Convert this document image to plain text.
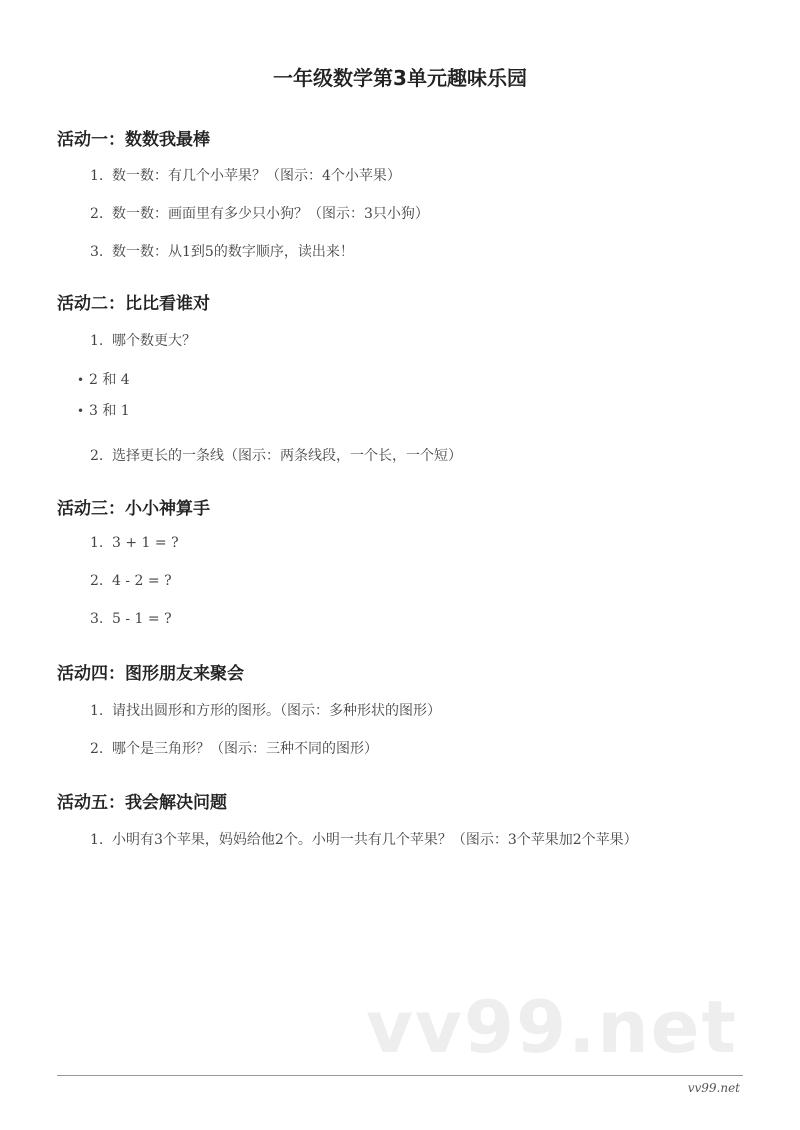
一年级数学第3单元趣味乐园
活动一：数数我最棒
1. 数一数：有几个小苹果？（图示：4个小苹果）
2. 数一数：画面里有多少只小狗？（图示：3只小狗）
3. 数一数：从1到5的数字顺序，读出来！
活动二：比比看谁对
1. 哪个数更大？
• 2 和 4
• 3 和 1
2. 选择更长的一条线（图示：两条线段，一个长，一个短）
活动三：小小神算手
1. 3 + 1 = ?
2. 4 - 2 = ?
3. 5 - 1 = ?
活动四：图形朋友来聚会
1. 请找出圆形和方形的图形。（图示：多种形状的图形）
2. 哪个是三角形？（图示：三种不同的图形）
活动五：我会解决问题
1. 小明有3个苹果，妈妈给他2个。小明一共有几个苹果？（图示：3个苹果加2个苹果）
vv99.net
vv99.net
